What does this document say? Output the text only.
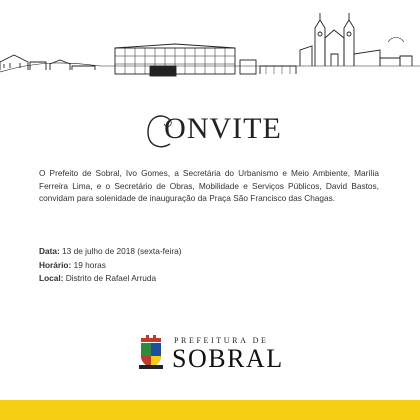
ONVITE
O Prefeito de Sobral, Ivo Gomes, a Secretária do Urbanismo e Meio Ambiente, Marília Ferreira Lima, e o Secretário de Obras, Mobilidade e Serviços Públicos, David Bastos, convidam para solenidade de inauguração da Praça São Francisco das Chagas.
Data: 13 de julho de 2018 (sexta-feira)
Horário: 19 horas
Local: Distrito de Rafael Arruda
PREFEITURA DE
SOBRAL
